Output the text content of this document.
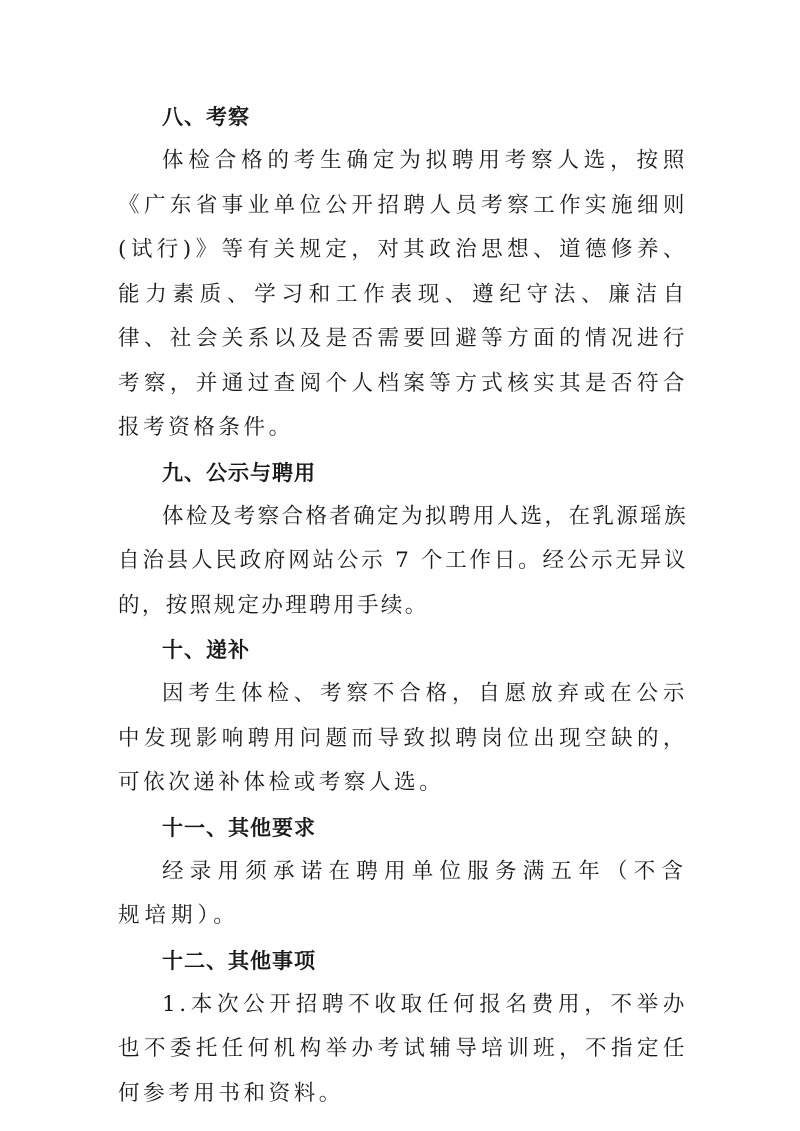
八、考察

体检合格的考生确定为拟聘用考察人选，按照《广东省事业单位公开招聘人员考察工作实施细则(试行)》等有关规定，对其政治思想、道德修养、能力素质、学习和工作表现、遵纪守法、廉洁自律、社会关系以及是否需要回避等方面的情况进行考察，并通过查阅个人档案等方式核实其是否符合报考资格条件。

九、公示与聘用

体检及考察合格者确定为拟聘用人选，在乳源瑶族自治县人民政府网站公示 7 个工作日。经公示无异议的，按照规定办理聘用手续。

十、递补

因考生体检、考察不合格，自愿放弃或在公示中发现影响聘用问题而导致拟聘岗位出现空缺的，可依次递补体检或考察人选。

十一、其他要求

经录用须承诺在聘用单位服务满五年（不含规培期）。

十二、其他事项

1.本次公开招聘不收取任何报名费用，不举办也不委托任何机构举办考试辅导培训班，不指定任何参考用书和资料。
